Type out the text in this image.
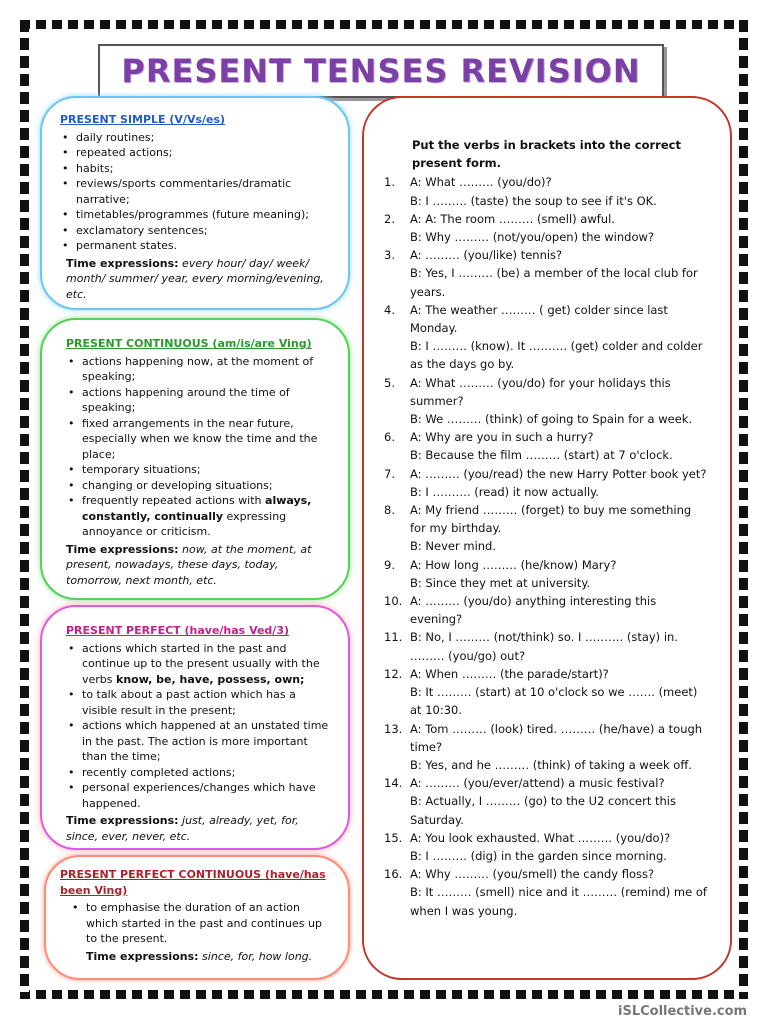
PRESENT TENSES REVISION
PRESENT SIMPLE (V/Vs/es)
• daily routines;
• repeated actions;
• habits;
• reviews/sports commentaries/dramatic narrative;
• timetables/programmes (future meaning);
• exclamatory sentences;
• permanent states.
Time expressions: every hour/ day/ week/ month/ summer/ year, every morning/evening, etc.
PRESENT CONTINUOUS (am/is/are Ving)
• actions happening now, at the moment of speaking;
• actions happening around the time of speaking;
• fixed arrangements in the near future, especially when we know the time and the place;
• temporary situations;
• changing or developing situations;
• frequently repeated actions with always, constantly, continually expressing annoyance or criticism.
Time expressions: now, at the moment, at present, nowadays, these days, today, tomorrow, next month, etc.
PRESENT PERFECT (have/has Ved/3)
• actions which started in the past and continue up to the present usually with the verbs know, be, have, possess, own;
• to talk about a past action which has a visible result in the present;
• actions which happened at an unstated time in the past. The action is more important than the time;
• recently completed actions;
• personal experiences/changes which have happened.
Time expressions: just, already, yet, for, since, ever, never, etc.
PRESENT PERFECT CONTINUOUS (have/has been Ving)
• to emphasise the duration of an action which started in the past and continues up to the present.
Time expressions: since, for, how long.
Put the verbs in brackets into the correct present form.
1.	A: What ……… (you/do)?
B: I ……… (taste) the soup to see if it's OK.
2.	A: A: The room ……… (smell) awful.
B: Why ……… (not/you/open) the window?
3.	A: ……… (you/like) tennis?
B: Yes, I ……… (be) a member of the local club for years.
4.	A: The weather ……… ( get) colder since last Monday.
B: I ……… (know). It ………. (get) colder and colder as the days go by.
5.	A: What ……… (you/do) for your holidays this summer?
B: We ……… (think) of going to Spain for a week.
6.	A: Why are you in such a hurry?
B: Because the film ……… (start) at 7 o'clock.
7.	A: ……… (you/read) the new Harry Potter book yet?
B: I ………. (read) it now actually.
8.	A: My friend ……… (forget) to buy me something for my birthday.
B: Never mind.
9.	A: How long ……… (he/know) Mary?
B: Since they met at university.
10. A: ……… (you/do) anything interesting this evening?
11. B: No, I ……… (not/think) so. I ………. (stay) in. ……… (you/go) out?
12. A: When ……… (the parade/start)?
B: It ……… (start) at 10 o'clock so we ……. (meet) at 10:30.
13. A: Tom ……… (look) tired. ……… (he/have) a tough time?
B: Yes, and he ……… (think) of taking a week off.
14. A: ……… (you/ever/attend) a music festival?
B: Actually, I ……… (go) to the U2 concert this Saturday.
15. A: You look exhausted. What ……… (you/do)?
B: I ……… (dig) in the garden since morning.
16. A: Why ……… (you/smell) the candy floss?
B: It ……… (smell) nice and it ……… (remind) me of when I was young.
iSLCollective.com
